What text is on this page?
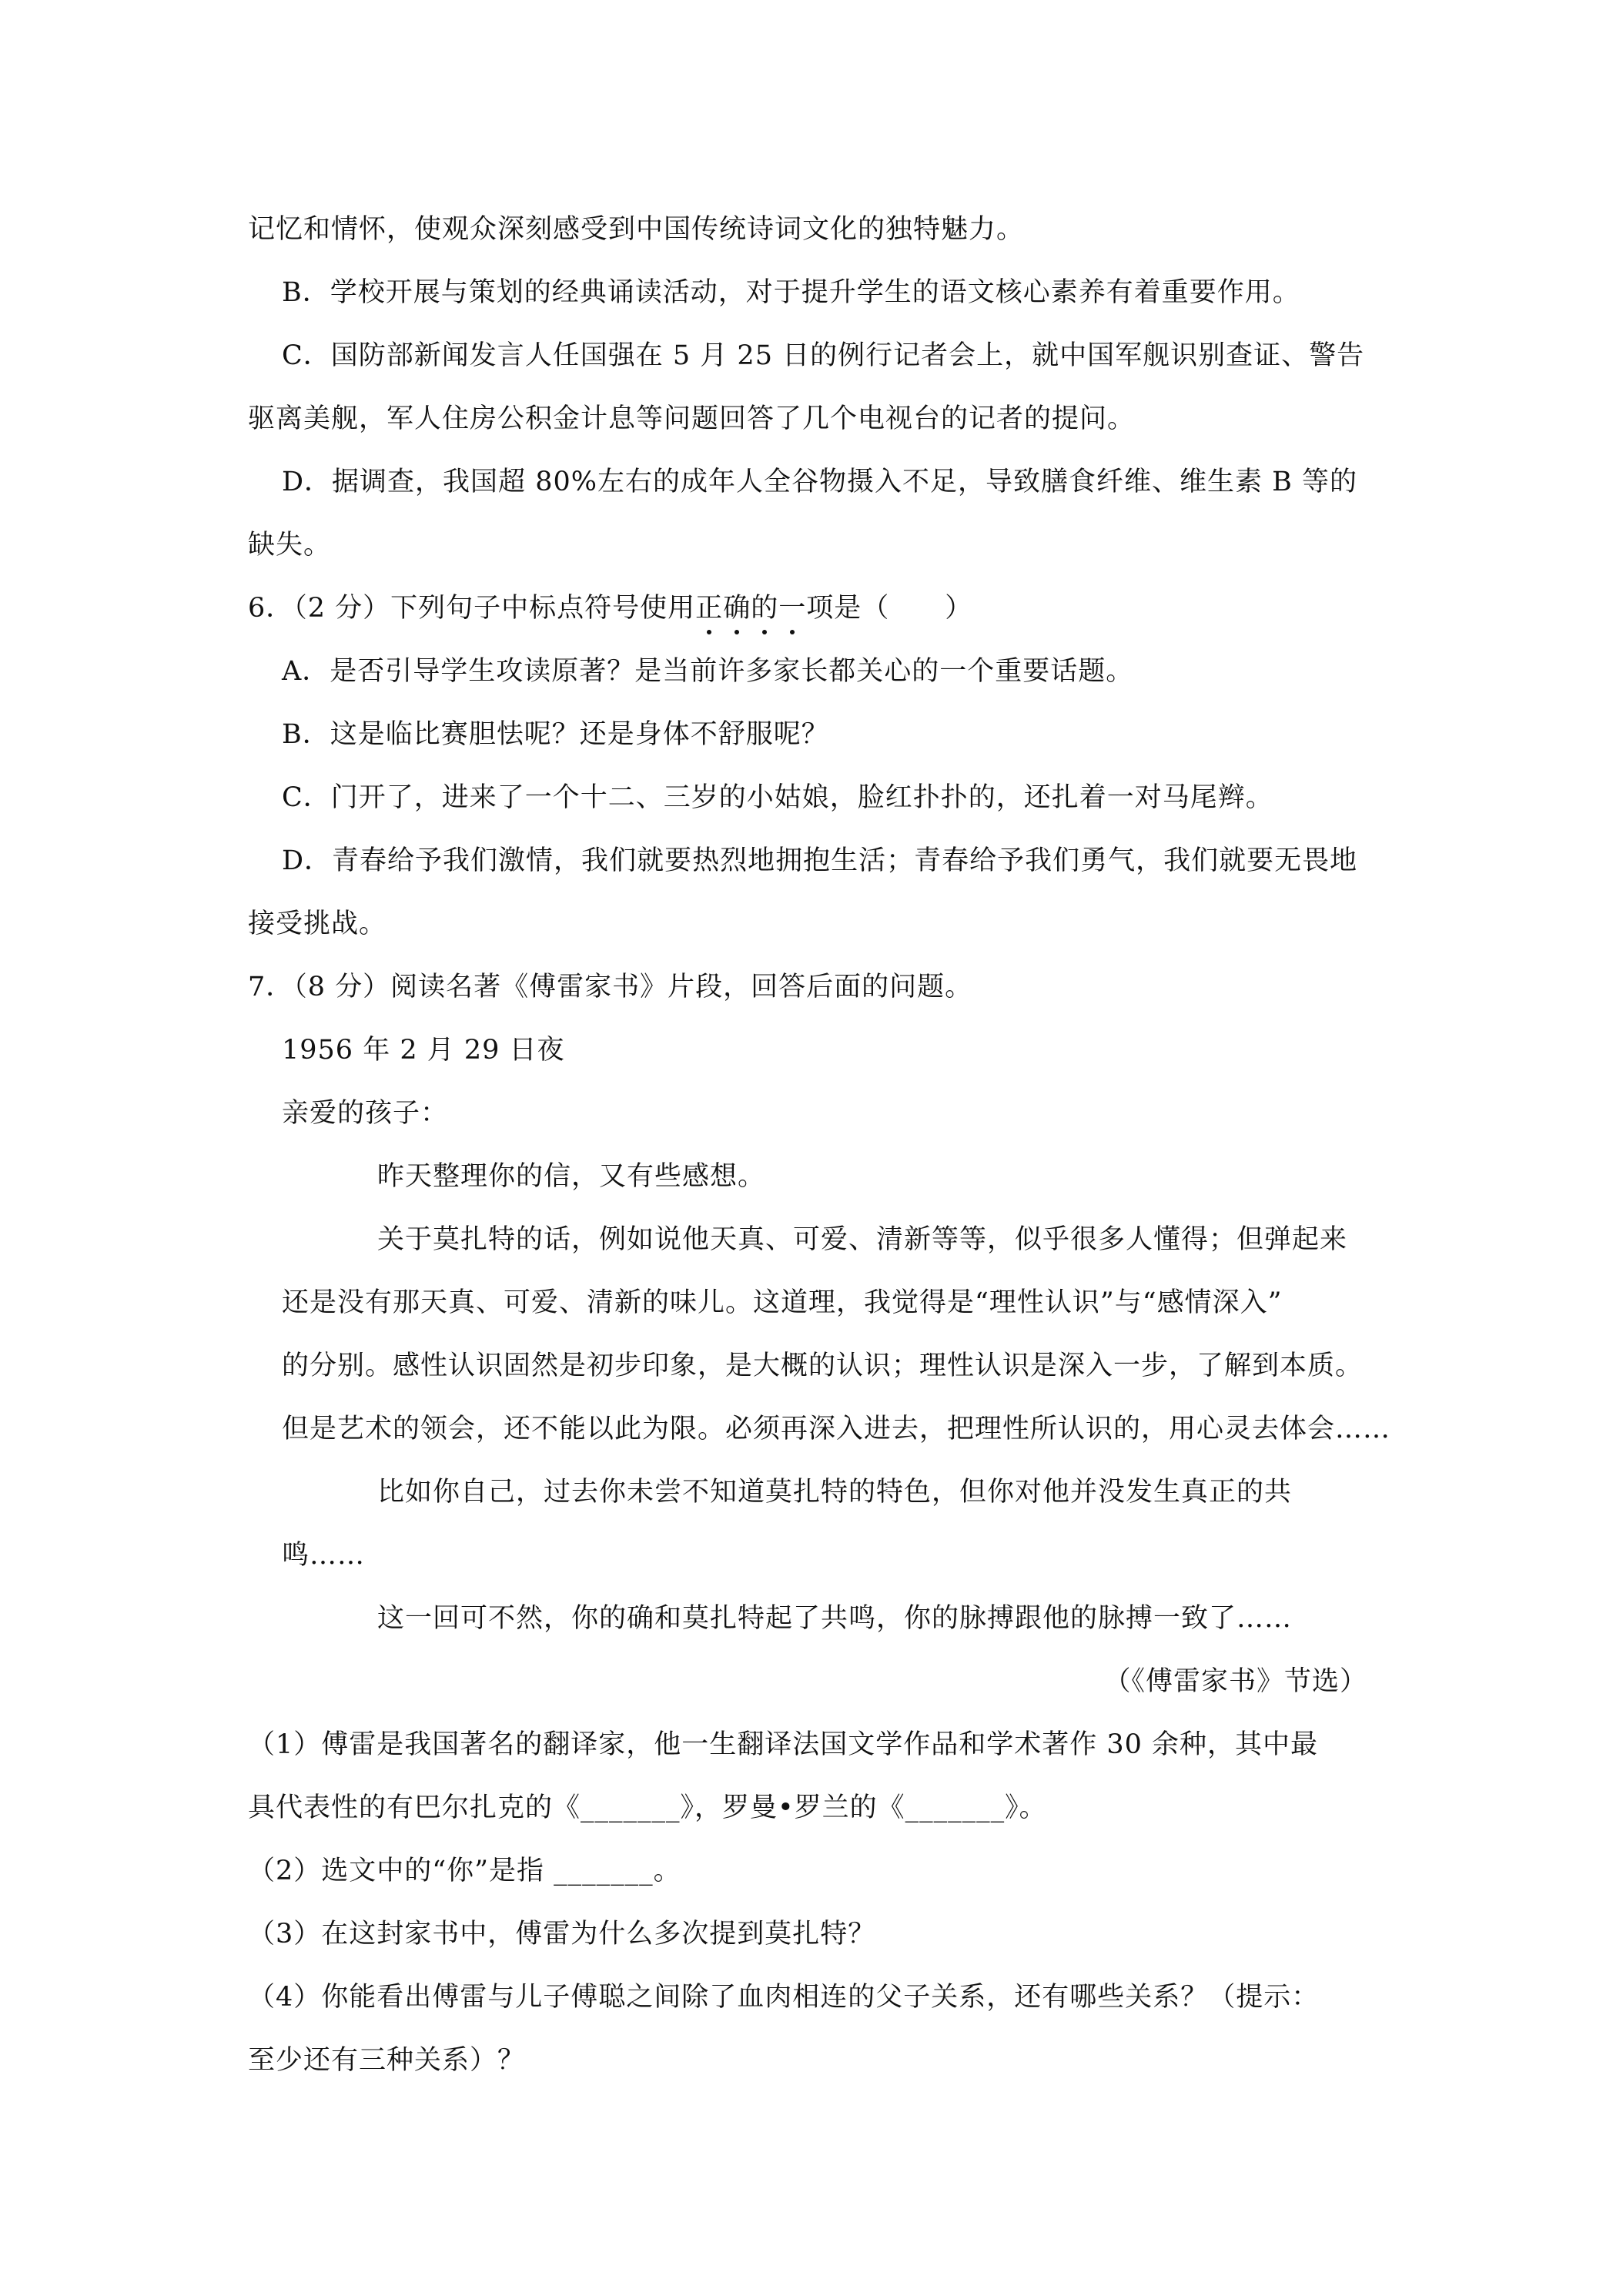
记忆和情怀，使观众深刻感受到中国传统诗词文化的独特魅力。
B．学校开展与策划的经典诵读活动，对于提升学生的语文核心素养有着重要作用。
C．国防部新闻发言人任国强在 5 月 25 日的例行记者会上，就中国军舰识别查证、警告
驱离美舰，军人住房公积金计息等问题回答了几个电视台的记者的提问。
D．据调查，我国超 80%左右的成年人全谷物摄入不足，导致膳食纤维、维生素 B 等的
缺失。
6．（2 分）下列句子中标点符号使用正确的一项是（　　）
A．是否引导学生攻读原著？是当前许多家长都关心的一个重要话题。
B．这是临比赛胆怯呢？还是身体不舒服呢？
C．门开了，进来了一个十二、三岁的小姑娘，脸红扑扑的，还扎着一对马尾辫。
D．青春给予我们激情，我们就要热烈地拥抱生活；青春给予我们勇气，我们就要无畏地
接受挑战。
7．（8 分）阅读名著《傅雷家书》片段，回答后面的问题。
1956 年 2 月 29 日夜
亲爱的孩子：
昨天整理你的信，又有些感想。
关于莫扎特的话，例如说他天真、可爱、清新等等，似乎很多人懂得；但弹起来
还是没有那天真、可爱、清新的味儿。这道理，我觉得是“理性认识”与“感情深入”
的分别。感性认识固然是初步印象，是大概的认识；理性认识是深入一步，了解到本质。
但是艺术的领会，还不能以此为限。必须再深入进去，把理性所认识的，用心灵去体会……
比如你自己，过去你未尝不知道莫扎特的特色，但你对他并没发生真正的共
鸣……
这一回可不然，你的确和莫扎特起了共鸣，你的脉搏跟他的脉搏一致了……
（《傅雷家书》节选）
（1）傅雷是我国著名的翻译家，他一生翻译法国文学作品和学术著作 30 余种，其中最
具代表性的有巴尔扎克的《_______》，罗曼•罗兰的《_______》。
（2）选文中的“你”是指 _______。
（3）在这封家书中，傅雷为什么多次提到莫扎特？
（4）你能看出傅雷与儿子傅聪之间除了血肉相连的父子关系，还有哪些关系？（提示：
至少还有三种关系）？
